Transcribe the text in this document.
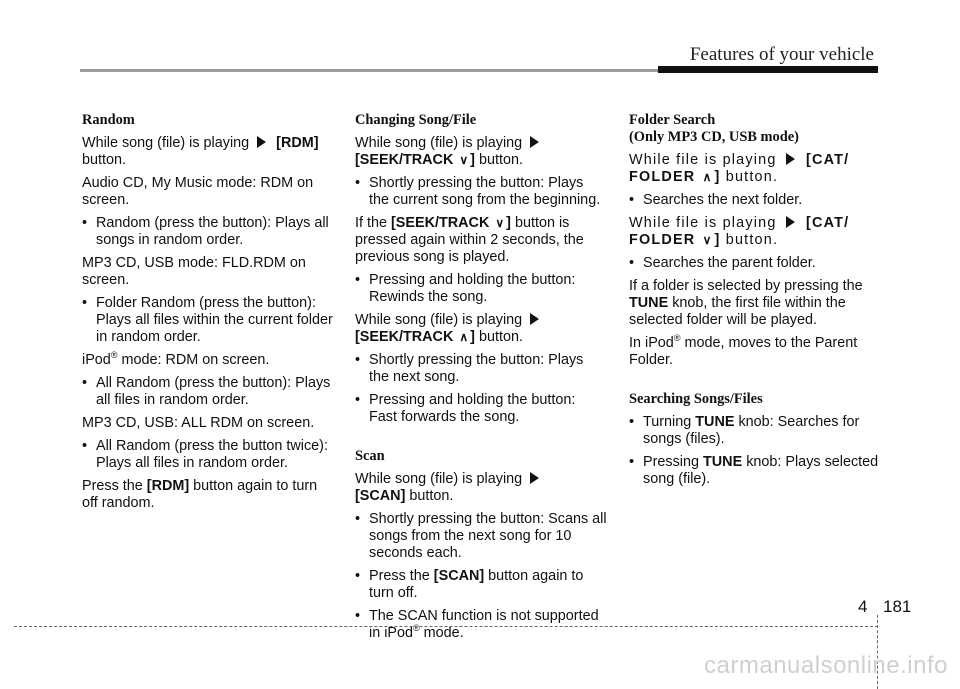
Features of your vehicle

Random

While song (file) is playing [RDM]
button.

Audio CD, My Music mode: RDM on screen.

• Random (press the button): Plays all songs in random order.

MP3 CD, USB mode: FLD.RDM on screen.

• Folder Random (press the button): Plays all files within the current folder in random order.

iPod® mode: RDM on screen.

• All Random (press the button): Plays all files in random order.

MP3 CD, USB: ALL RDM on screen.

• All Random (press the button twice): Plays all files in random order.

Press the [RDM] button again to turn off random.

Changing Song/File

While song (file) is playing
[SEEK/TRACK ∨ ] button.

• Shortly pressing the button: Plays the current song from the beginning.

If the [SEEK/TRACK ∨ ] button is pressed again within 2 seconds, the previous song is played.

• Pressing and holding the button: Rewinds the song.

While song (file) is playing
[SEEK/TRACK ∧ ] button.

• Shortly pressing the button: Plays the next song.

• Pressing and holding the button: Fast forwards the song.

Scan

While song (file) is playing
[SCAN] button.

• Shortly pressing the button: Scans all songs from the next song for 10 seconds each.

• Press the [SCAN] button again to turn off.

• The SCAN function is not supported in iPod® mode.

Folder Search

(Only MP3 CD, USB mode)

While file is playing [CAT/
FOLDER ∧ ] button.

• Searches the next folder.

While file is playing [CAT/
FOLDER ∨ ] button.

• Searches the parent folder.

If a folder is selected by pressing the TUNE knob, the first file within the selected folder will be played.

In iPod® mode, moves to the Parent Folder.

Searching Songs/Files

• Turning TUNE knob: Searches for songs (files).

• Pressing TUNE knob: Plays selected song (file).

4 181
carmanualsonline.info
